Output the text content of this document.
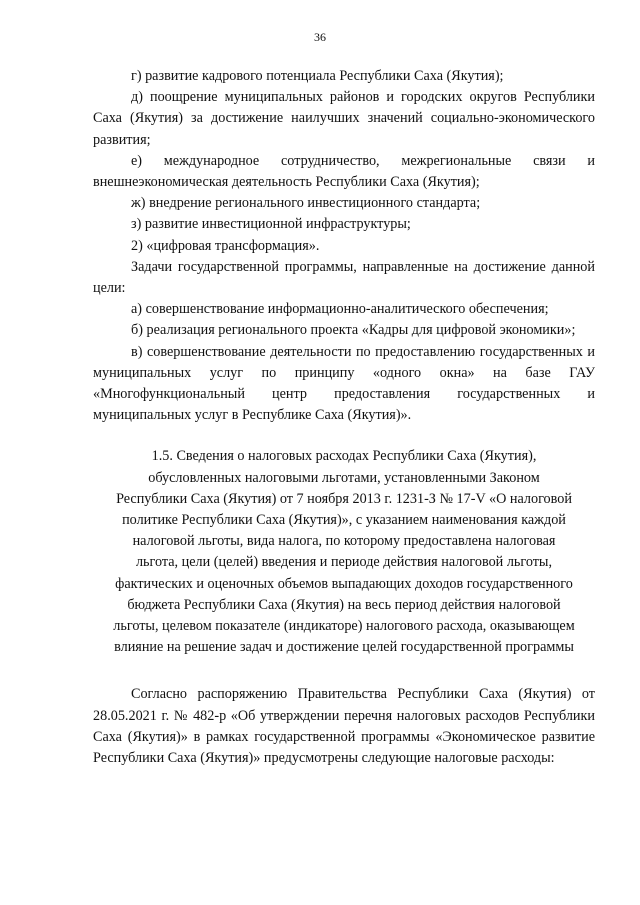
36

г) развитие кадрового потенциала Республики Саха (Якутия);

д) поощрение муниципальных районов и городских округов Республики Саха (Якутия) за достижение наилучших значений социально-экономического развития;

е) международное сотрудничество, межрегиональные связи и внешнеэкономическая деятельность Республики Саха (Якутия);

ж) внедрение регионального инвестиционного стандарта;

з) развитие инвестиционной инфраструктуры;

2) «цифровая трансформация».

Задачи государственной программы, направленные на достижение данной цели:

а) совершенствование информационно-аналитического обеспечения;

б) реализация регионального проекта «Кадры для цифровой экономики»;

в) совершенствование деятельности по предоставлению государственных и муниципальных услуг по принципу «одного окна» на базе ГАУ «Многофункциональный центр предоставления государственных и муниципальных услуг в Республике Саха (Якутия)».

1.5. Сведения о налоговых расходах Республики Саха (Якутия), обусловленных налоговыми льготами, установленными Законом Республики Саха (Якутия) от 7 ноября 2013 г. 1231-З № 17-V «О налоговой политике Республики Саха (Якутия)», с указанием наименования каждой налоговой льготы, вида налога, по которому предоставлена налоговая льгота, цели (целей) введения и периоде действия налоговой льготы, фактических и оценочных объемов выпадающих доходов государственного бюджета Республики Саха (Якутия) на весь период действия налоговой льготы, целевом показателе (индикаторе) налогового расхода, оказывающем влияние на решение задач и достижение целей государственной программы

Согласно распоряжению Правительства Республики Саха (Якутия) от 28.05.2021 г. № 482-р «Об утверждении перечня налоговых расходов Республики Саха (Якутия)» в рамках государственной программы «Экономическое развитие Республики Саха (Якутия)» предусмотрены следующие налоговые расходы:
